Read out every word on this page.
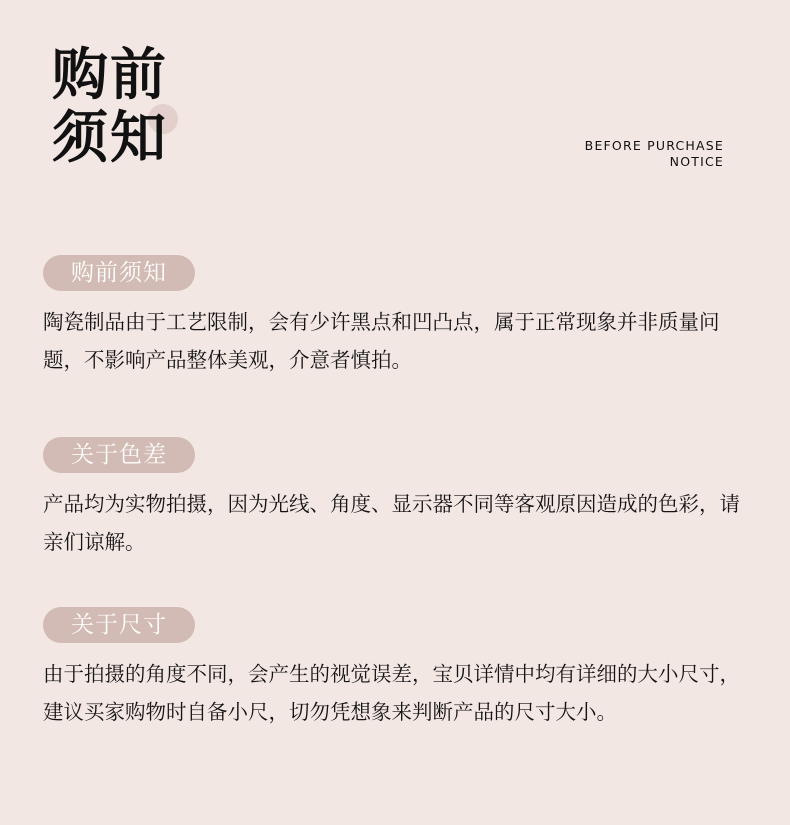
购前
须知	BEFORE PURCHASE
NOTICE
购前须知
陶瓷制品由于工艺限制，会有少许黑点和凹凸点，属于正常现象并非质量问题，不影响产品整体美观，介意者慎拍。
关于色差
产品均为实物拍摄，因为光线、角度、显示器不同等客观原因造成的色彩，请亲们谅解。
关于尺寸
由于拍摄的角度不同，会产生的视觉误差，宝贝详情中均有详细的大小尺寸，建议买家购物时自备小尺，切勿凭想象来判断产品的尺寸大小。
